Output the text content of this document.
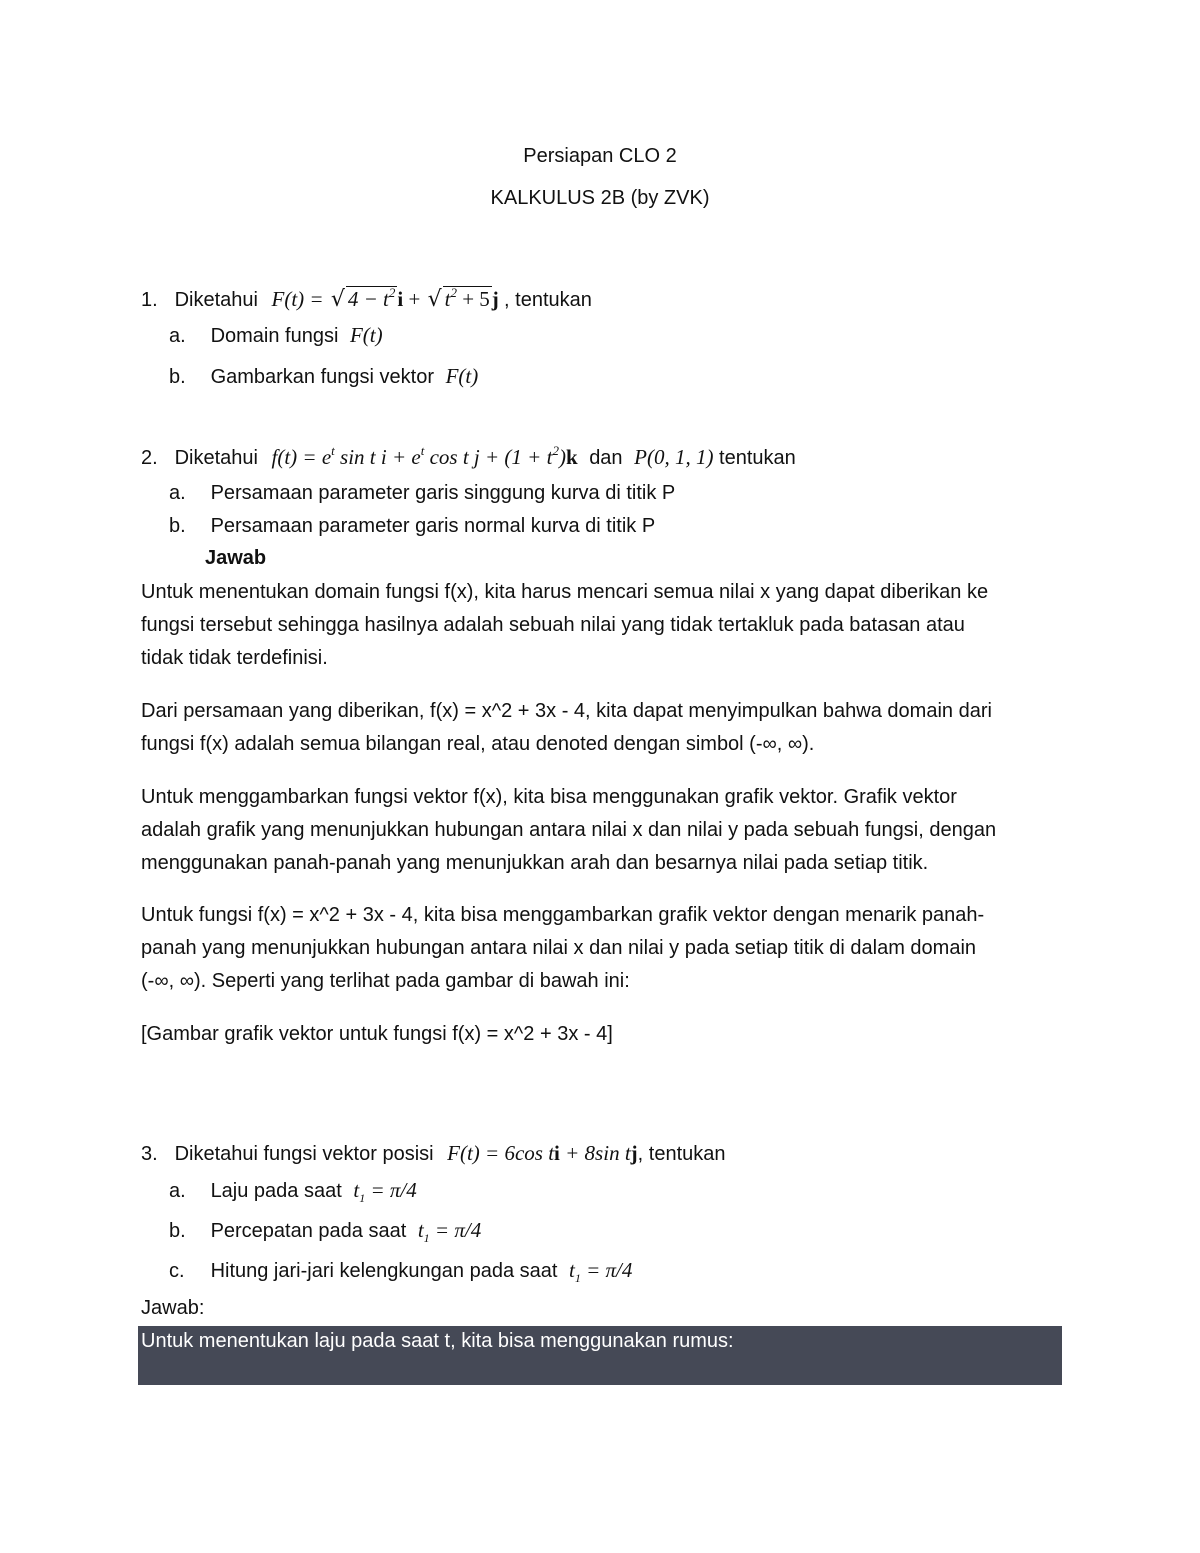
Persiapan CLO 2
KALKULUS 2B (by ZVK)
1. Diketahui F(t) = √ $4 - t^2i$ + √ $t^2 + 5j$ , tentukan
a. Domain fungsi F(t)
b. Gambarkan fungsi vektor F(t)
2. Diketahui $f(t) = e^t$ sin t $i + e^t$ cos t $j + (1 + t^2)k$ dan P(0, 1, 1) tentukan
a. Persamaan parameter garis singgung kurva di titik P
b. Persamaan parameter garis normal kurva di titik P
Jawab
Untuk menentukan domain fungsi f(x), kita harus mencari semua nilai x yang dapat diberikan ke
fungsi tersebut sehingga hasilnya adalah sebuah nilai yang tidak tertakluk pada batasan atau
tidak tidak terdefinisi.
Dari persamaan yang diberikan, f(x) = x^2 + 3x - 4, kita dapat menyimpulkan bahwa domain dari
fungsi f(x) adalah semua bilangan real, atau denoted dengan simbol (-∞, ∞).
Untuk menggambarkan fungsi vektor f(x), kita bisa menggunakan grafik vektor. Grafik vektor
adalah grafik yang menunjukkan hubungan antara nilai x dan nilai y pada sebuah fungsi, dengan
menggunakan panah-panah yang menunjukkan arah dan besarnya nilai pada setiap titik.
Untuk fungsi f(x) = x^2 + 3x - 4, kita bisa menggambarkan grafik vektor dengan menarik panah-
panah yang menunjukkan hubungan antara nilai x dan nilai y pada setiap titik di dalam domain
(-∞, ∞). Seperti yang terlihat pada gambar di bawah ini:
[Gambar grafik vektor untuk fungsi f(x) = x^2 + 3x - 4]
3. Diketahui fungsi vektor posisi F(t) = 6cos ti + 8sin tj, tentukan
a. Laju pada saat $t_1 = \pi/4$
b. Percepatan pada saat $t_1 = \pi/4$
c. Hitung jari-jari kelengkungan pada saat $t_1 = \pi/4$
Jawab:
Untuk menentukan laju pada saat t, kita bisa menggunakan rumus:
